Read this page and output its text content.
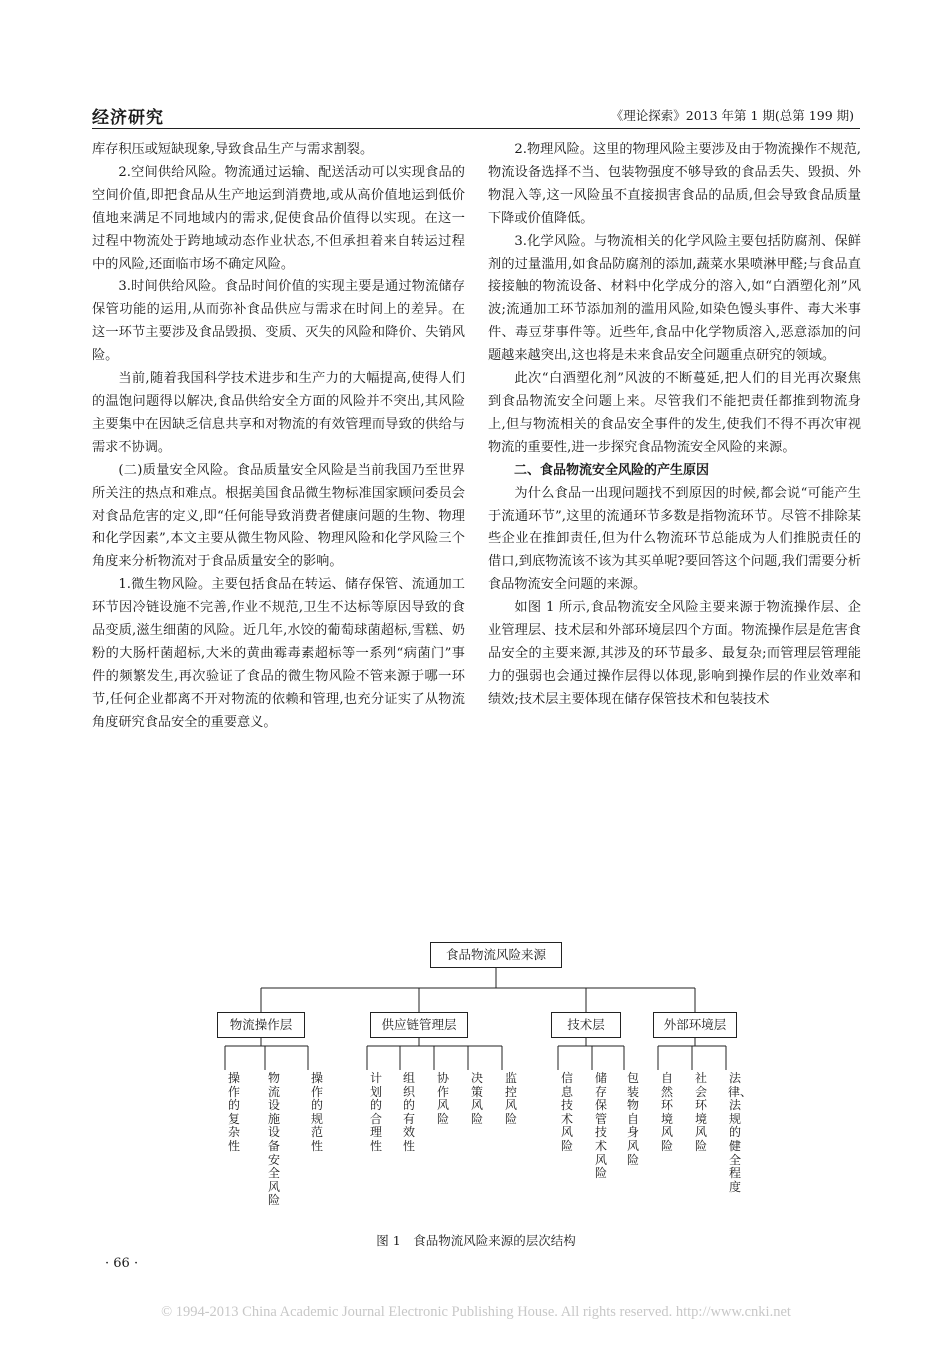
经济研究	《理论探索》2013 年第 1 期(总第 199 期)

库存积压或短缺现象,导致食品生产与需求割裂。

2.空间供给风险。物流通过运输、配送活动可以实现食品的空间价值,即把食品从生产地运到消费地,或从高价值地运到低价值地来满足不同地域内的需求,促使食品价值得以实现。在这一过程中物流处于跨地域动态作业状态,不但承担着来自转运过程中的风险,还面临市场不确定风险。

3.时间供给风险。食品时间价值的实现主要是通过物流储存保管功能的运用,从而弥补食品供应与需求在时间上的差异。在这一环节主要涉及食品毁损、变质、灭失的风险和降价、失销风险。

当前,随着我国科学技术进步和生产力的大幅提高,使得人们的温饱问题得以解决,食品供给安全方面的风险并不突出,其风险主要集中在因缺乏信息共享和对物流的有效管理而导致的供给与需求不协调。

(二)质量安全风险。食品质量安全风险是当前我国乃至世界所关注的热点和难点。根据美国食品微生物标准国家顾问委员会对食品危害的定义,即“任何能导致消费者健康问题的生物、物理和化学因素”,本文主要从微生物风险、物理风险和化学风险三个角度来分析物流对于食品质量安全的影响。

1.微生物风险。主要包括食品在转运、储存保管、流通加工环节因冷链设施不完善,作业不规范,卫生不达标等原因导致的食品变质,滋生细菌的风险。近几年,水饺的葡萄球菌超标,雪糕、奶粉的大肠杆菌超标,大米的黄曲霉毒素超标等一系列“病菌门”事件的频繁发生,再次验证了食品的微生物风险不管来源于哪一环节,任何企业都离不开对物流的依赖和管理,也充分证实了从物流角度研究食品安全的重要意义。

2.物理风险。这里的物理风险主要涉及由于物流操作不规范,物流设备选择不当、包装物强度不够导致的食品丢失、毁损、外物混入等,这一风险虽不直接损害食品的品质,但会导致食品质量下降或价值降低。

3.化学风险。与物流相关的化学风险主要包括防腐剂、保鲜剂的过量滥用,如食品防腐剂的添加,蔬菜水果喷淋甲醛;与食品直接接触的物流设备、材料中化学成分的溶入,如“白酒塑化剂”风波;流通加工环节添加剂的滥用风险,如染色馒头事件、毒大米事件、毒豆芽事件等。近些年,食品中化学物质溶入,恶意添加的问题越来越突出,这也将是未来食品安全问题重点研究的领域。

此次“白酒塑化剂”风波的不断蔓延,把人们的目光再次聚焦到食品物流安全问题上来。尽管我们不能把责任都推到物流身上,但与物流相关的食品安全事件的发生,使我们不得不再次审视物流的重要性,进一步探究食品物流安全风险的来源。

二、食品物流安全风险的产生原因

为什么食品一出现问题找不到原因的时候,都会说“可能产生于流通环节”,这里的流通环节多数是指物流环节。尽管不排除某些企业在推卸责任,但为什么物流环节总能成为人们推脱责任的借口,到底物流该不该为其买单呢?要回答这个问题,我们需要分析食品物流安全问题的来源。

如图 1 所示,食品物流安全风险主要来源于物流操作层、企业管理层、技术层和外部环境层四个方面。物流操作层是危害食品安全的主要来源,其涉及的环节最多、最复杂;而管理层管理能力的强弱也会通过操作层得以体现,影响到操作层的作业效率和绩效;技术层主要体现在储存保管技术和包装技术

食品物流风险来源
物流操作层
操作的复杂性
物流设施设备安全风险
操作的规范性
供应链管理层
计划的合理性
组织的有效性
协作风险
决策风险
监控风险
技术层
信息技术风险
储存保管技术风险
包装物自身风险
外部环境层
自然环境风险
社会环境风险
法律、法规的健全程度
图 1　食品物流风险来源的层次结构
· 66 ·
© 1994-2013 China Academic Journal Electronic Publishing House. All rights reserved. http://www.cnki.net
